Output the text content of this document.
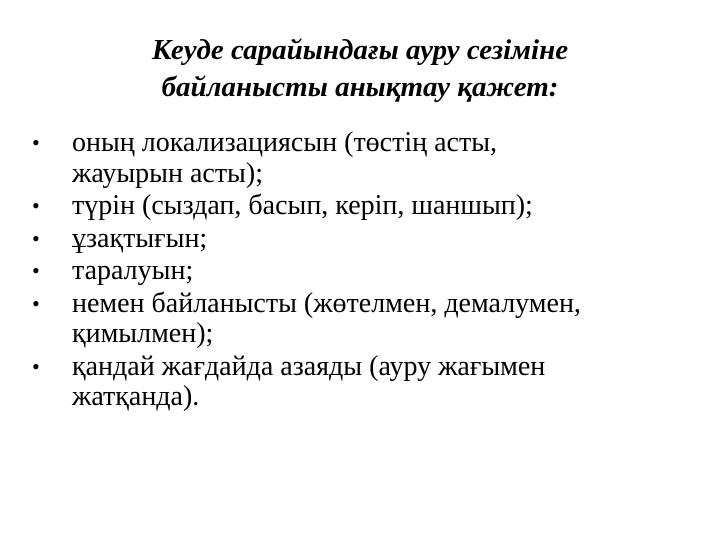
Кеуде сарайындағы ауру сезіміне
байланысты анықтау қажет:
•	оның локализациясын (төстің асты,
жауырын асты);
•	түрін (сыздап, басып, керіп, шаншып);
•	ұзақтығын;
•	таралуын;
•	немен байланысты (жөтелмен, демалумен,
қимылмен);
•	қандай жағдайда азаяды (ауру жағымен
жатқанда).
